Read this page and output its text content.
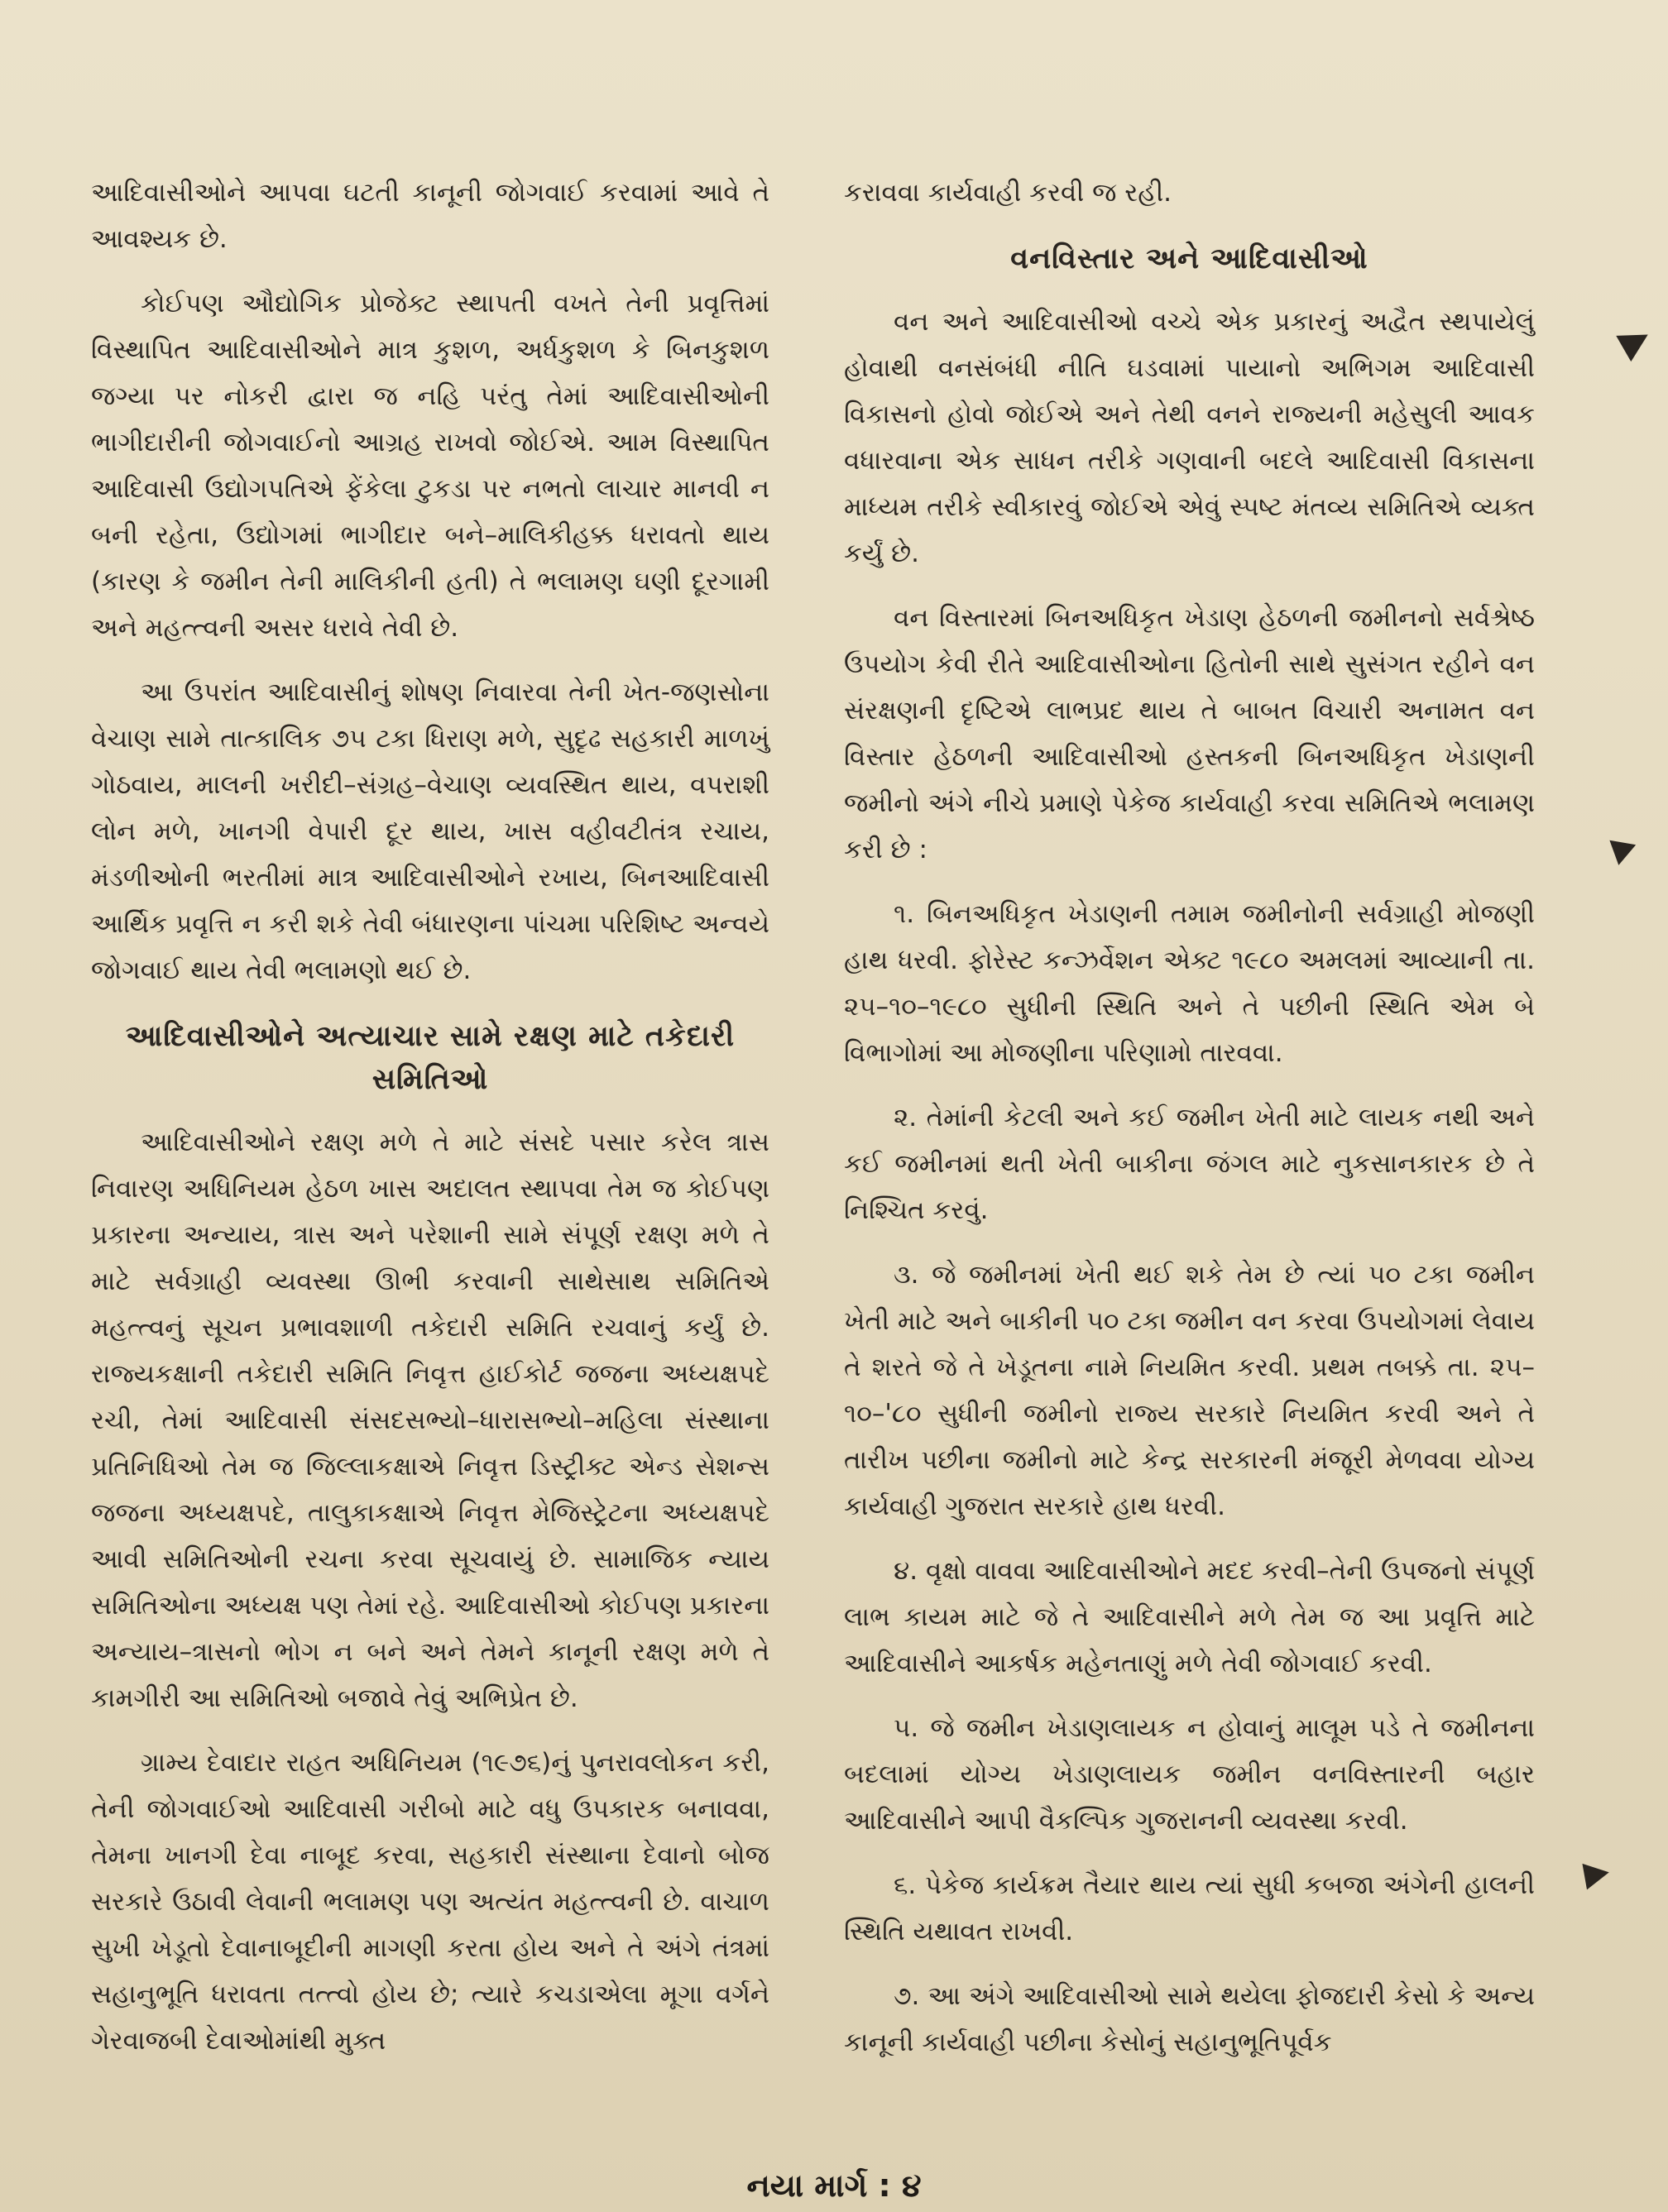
આદિવાસીઓને આપવા ઘટતી કાનૂની જોગવાઈ કરવામાં આવે તે આવશ્યક છે.

કોઈપણ ઔદ્યોગિક પ્રોજેક્ટ સ્થાપતી વખતે તેની પ્રવૃત્તિમાં વિસ્થાપિત આદિવાસીઓને માત્ર કુશળ, અર્ધકુશળ કે બિનકુશળ જગ્યા પર નોકરી દ્વારા જ નહિ પરંતુ તેમાં આદિવાસીઓની ભાગીદારીની જોગવાઈનો આગ્રહ રાખવો જોઈએ. આમ વિસ્થાપિત આદિવાસી ઉદ્યોગપતિએ ફેંકેલા ટુકડા પર નભતો લાચાર માનવી ન બની રહેતા, ઉદ્યોગમાં ભાગીદાર બને–માલિકીહક્ક ધરાવતો થાય (કારણ કે જમીન તેની માલિકીની હતી) તે ભલામણ ઘણી દૂરગામી અને મહત્ત્વની અસર ધરાવે તેવી છે.

આ ઉપરાંત આદિવાસીનું શોષણ નિવારવા તેની ખેત-જણસોના વેચાણ સામે તાત્કાલિક ૭૫ ટકા ધિરાણ મળે, સુદૃઢ સહકારી માળખું ગોઠવાય, માલની ખરીદી–સંગ્રહ–વેચાણ વ્યવસ્થિત થાય, વપરાશી લોન મળે, ખાનગી વેપારી દૂર થાય, ખાસ વહીવટીતંત્ર રચાય, મંડળીઓની ભરતીમાં માત્ર આદિવાસીઓને રખાય, બિનઆદિવાસી આર્થિક પ્રવૃત્તિ ન કરી શકે તેવી બંધારણના પાંચમા પરિશિષ્ટ અન્વયે જોગવાઈ થાય તેવી ભલામણો થઈ છે.

આદિવાસીઓને અત્યાચાર સામે રક્ષણ માટે તકેદારી સમિતિઓ

આદિવાસીઓને રક્ષણ મળે તે માટે સંસદે પસાર કરેલ ત્રાસ નિવારણ અધિનિયમ હેઠળ ખાસ અદાલત સ્થાપવા તેમ જ કોઈપણ પ્રકારના અન્યાય, ત્રાસ અને પરેશાની સામે સંપૂર્ણ રક્ષણ મળે તે માટે સર્વગ્રાહી વ્યવસ્થા ઊભી કરવાની સાથેસાથ સમિતિએ મહત્ત્વનું સૂચન પ્રભાવશાળી તકેદારી સમિતિ રચવાનું કર્યું છે. રાજ્યકક્ષાની તકેદારી સમિતિ નિવૃત્ત હાઈકોર્ટ જજના અધ્યક્ષપદે રચી, તેમાં આદિવાસી સંસદસભ્યો–ધારાસભ્યો–મહિલા સંસ્થાના પ્રતિનિધિઓ તેમ જ જિલ્લાકક્ષાએ નિવૃત્ત ડિસ્ટ્રીક્ટ એન્ડ સેશન્સ જજના અધ્યક્ષપદે, તાલુકાકક્ષાએ નિવૃત્ત મેજિસ્ટ્રેટના અધ્યક્ષપદે આવી સમિતિઓની રચના કરવા સૂચવાયું છે. સામાજિક ન્યાય સમિતિઓના અધ્યક્ષ પણ તેમાં રહે. આદિવાસીઓ કોઈપણ પ્રકારના અન્યાય–ત્રાસનો ભોગ ન બને અને તેમને કાનૂની રક્ષણ મળે તે કામગીરી આ સમિતિઓ બજાવે તેવું અભિપ્રેત છે.

ગ્રામ્ય દેવાદાર રાહત અધિનિયમ (૧૯૭૬)નું પુનરાવલોકન કરી, તેની જોગવાઈઓ આદિવાસી ગરીબો માટે વધુ ઉપકારક બનાવવા, તેમના ખાનગી દેવા નાબૂદ કરવા, સહકારી સંસ્થાના દેવાનો બોજ સરકારે ઉઠાવી લેવાની ભલામણ પણ અત્યંત મહત્ત્વની છે. વાચાળ સુખી ખેડૂતો દેવાનાબૂદીની માગણી કરતા હોય અને તે અંગે તંત્રમાં સહાનુભૂતિ ધરાવતા તત્ત્વો હોય છે; ત્યારે કચડાએલા મૂગા વર્ગને ગેરવાજબી દેવાઓમાંથી મુક્ત

કરાવવા કાર્યવાહી કરવી જ રહી.

વનવિસ્તાર અને આદિવાસીઓ

વન અને આદિવાસીઓ વચ્ચે એક પ્રકારનું અદ્વૈત સ્થપાયેલું હોવાથી વનસંબંધી નીતિ ઘડવામાં પાયાનો અભિગમ આદિવાસી વિકાસનો હોવો જોઈએ અને તેથી વનને રાજ્યની મહેસુલી આવક વધારવાના એક સાધન તરીકે ગણવાની બદલે આદિવાસી વિકાસના માધ્યમ તરીકે સ્વીકારવું જોઈએ એવું સ્પષ્ટ મંતવ્ય સમિતિએ વ્યક્ત કર્યું છે.

વન વિસ્તારમાં બિનઅધિકૃત ખેડાણ હેઠળની જમીનનો સર્વશ્રેષ્ઠ ઉપયોગ કેવી રીતે આદિવાસીઓના હિતોની સાથે સુસંગત રહીને વન સંરક્ષણની દૃષ્ટિએ લાભપ્રદ થાય તે બાબત વિચારી અનામત વન વિસ્તાર હેઠળની આદિવાસીઓ હસ્તકની બિનઅધિકૃત ખેડાણની જમીનો અંગે નીચે પ્રમાણે પેકેજ કાર્યવાહી કરવા સમિતિએ ભલામણ કરી છે :

૧. બિનઅધિકૃત ખેડાણની તમામ જમીનોની સર્વગ્રાહી મોજણી હાથ ધરવી. ફોરેસ્ટ કન્ઝર્વેશન એક્ટ ૧૯૮૦ અમલમાં આવ્યાની તા. ૨૫–૧૦–૧૯૮૦ સુધીની સ્થિતિ અને તે પછીની સ્થિતિ એમ બે વિભાગોમાં આ મોજણીના પરિણામો તારવવા.

૨. તેમાંની કેટલી અને કઈ જમીન ખેતી માટે લાયક નથી અને કઈ જમીનમાં થતી ખેતી બાકીના જંગલ માટે નુકસાનકારક છે તે નિશ્ચિત કરવું.

૩. જે જમીનમાં ખેતી થઈ શકે તેમ છે ત્યાં ૫૦ ટકા જમીન ખેતી માટે અને બાકીની ૫૦ ટકા જમીન વન કરવા ઉપયોગમાં લેવાય તે શરતે જે તે ખેડૂતના નામે નિયમિત કરવી. પ્રથમ તબક્કે તા. ૨૫–૧૦–'૮૦ સુધીની જમીનો રાજ્ય સરકારે નિયમિત કરવી અને તે તારીખ પછીના જમીનો માટે કેન્દ્ર સરકારની મંજૂરી મેળવવા યોગ્ય કાર્યવાહી ગુજરાત સરકારે હાથ ધરવી.

૪. વૃક્ષો વાવવા આદિવાસીઓને મદદ કરવી–તેની ઉપજનો સંપૂર્ણ લાભ કાયમ માટે જે તે આદિવાસીને મળે તેમ જ આ પ્રવૃત્તિ માટે આદિવાસીને આકર્ષક મહેનતાણું મળે તેવી જોગવાઈ કરવી.

૫. જે જમીન ખેડાણલાયક ન હોવાનું માલૂમ પડે તે જમીનના બદલામાં યોગ્ય ખેડાણલાયક જમીન વનવિસ્તારની બહાર આદિવાસીને આપી વૈકલ્પિક ગુજરાનની વ્યવસ્થા કરવી.

૬. પેકેજ કાર્યક્રમ તૈયાર થાય ત્યાં સુધી કબજા અંગેની હાલની સ્થિતિ યથાવત રાખવી.

૭. આ અંગે આદિવાસીઓ સામે થયેલા ફોજદારી કેસો કે અન્ય કાનૂની કાર્યવાહી પછીના કેસોનું સહાનુભૂતિપૂર્વક

નયા માર્ગ : ૪
